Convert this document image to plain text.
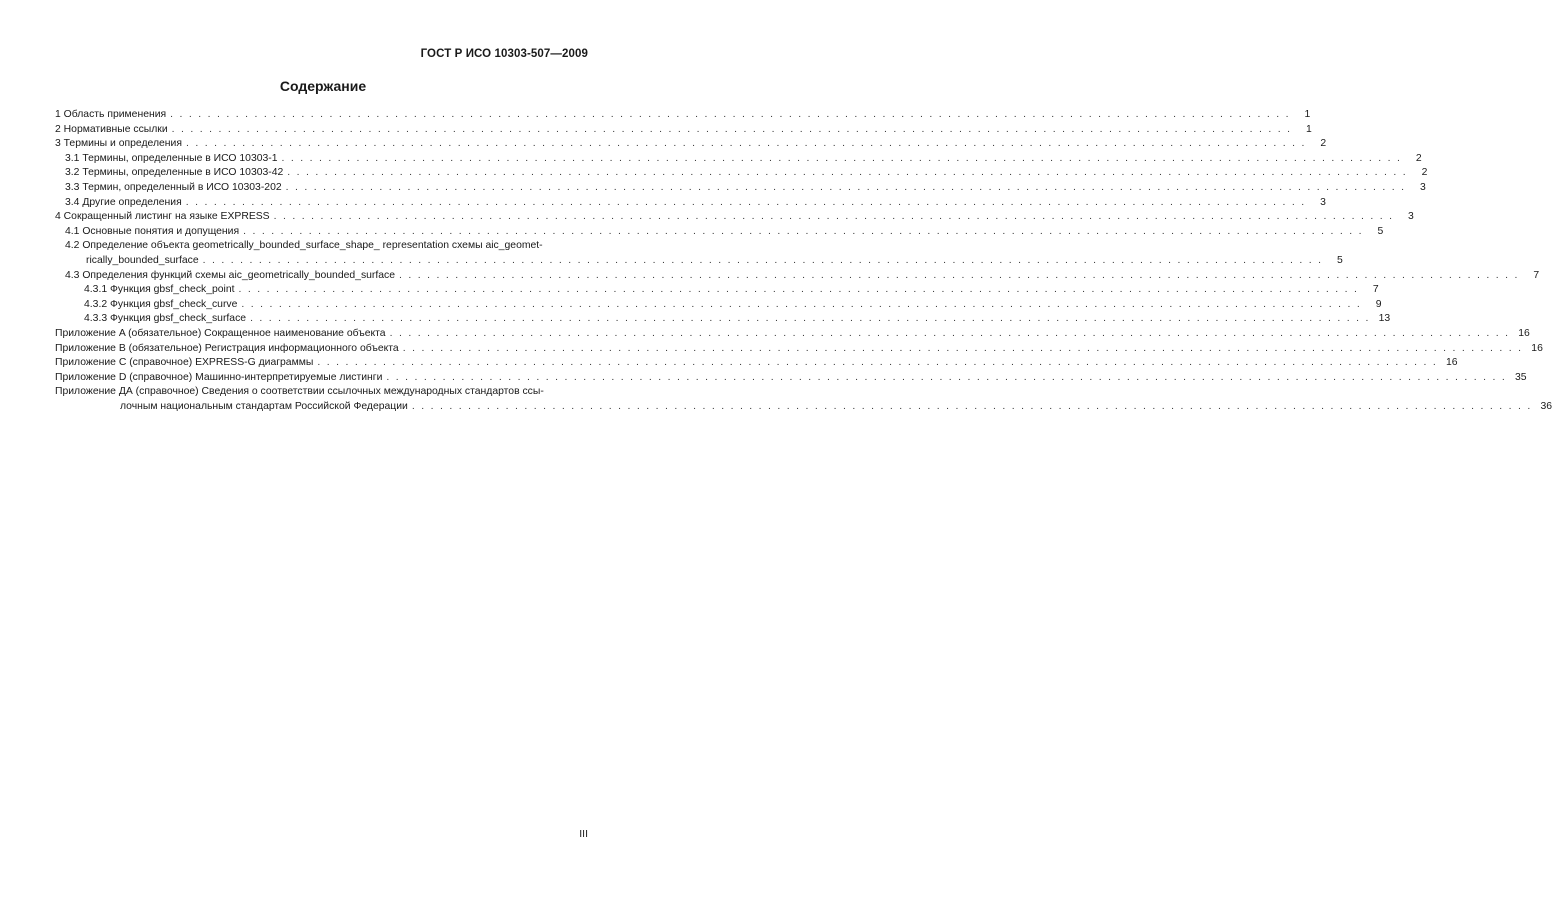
ГОСТ Р ИСО 10303-507—2009
Содержание
1 Область применения . . . . . . . . . . . . . . . . . . . . . . . . . . . . . . . . . . . . . . . . . . . . . . . . . . . . . . . . . . . . . . . . . . . . . . . . . . . . . . . . . . . . . . . . . . . . . . . . . . . . . . . . . . . . . . . . . . . . . . . .	1
2 Нормативные ссылки . . . . . . . . . . . . . . . . . . . . . . . . . . . . . . . . . . . . . . . . . . . . . . . . . . . . . . . . . . . . . . . . . . . . . . . . . . . . . . . . . . . . . . . . . . . . . . . . . . . . . . . . . . . . . . . . . . . . . . . .	1
3 Термины и определения . . . . . . . . . . . . . . . . . . . . . . . . . . . . . . . . . . . . . . . . . . . . . . . . . . . . . . . . . . . . . . . . . . . . . . . . . . . . . . . . . . . . . . . . . . . . . . . . . . . . . . . . . . . . . . . . . . . . . . . .	2
3.1 Термины, определенные в ИСО 10303-1 . . . . . . . . . . . . . . . . . . . . . . . . . . . . . . . . . . . . . . . . . . . . . . . . . . . . . . . . . . . . . . . . . . . . . . . . . . . . . . . . . . . . . . . . . . . . . . . . . . . . . . . . . . . . . . . . . . . . . . . .	2
3.2 Термины, определенные в ИСО 10303-42 . . . . . . . . . . . . . . . . . . . . . . . . . . . . . . . . . . . . . . . . . . . . . . . . . . . . . . . . . . . . . . . . . . . . . . . . . . . . . . . . . . . . . . . . . . . . . . . . . . . . . . . . . . . . . . . . . . . . . . . .	2
3.3 Термин, определенный в ИСО 10303-202 . . . . . . . . . . . . . . . . . . . . . . . . . . . . . . . . . . . . . . . . . . . . . . . . . . . . . . . . . . . . . . . . . . . . . . . . . . . . . . . . . . . . . . . . . . . . . . . . . . . . . . . . . . . . . . . . . . . . . . . .	3
3.4 Другие определения . . . . . . . . . . . . . . . . . . . . . . . . . . . . . . . . . . . . . . . . . . . . . . . . . . . . . . . . . . . . . . . . . . . . . . . . . . . . . . . . . . . . . . . . . . . . . . . . . . . . . . . . . . . . . . . . . . . . . . . .	3
4 Сокращенный листинг на языке EXPRESS . . . . . . . . . . . . . . . . . . . . . . . . . . . . . . . . . . . . . . . . . . . . . . . . . . . . . . . . . . . . . . . . . . . . . . . . . . . . . . . . . . . . . . . . . . . . . . . . . . . . . . . . . . . . . . . . . . . . . . . .	3
4.1 Основные понятия и допущения . . . . . . . . . . . . . . . . . . . . . . . . . . . . . . . . . . . . . . . . . . . . . . . . . . . . . . . . . . . . . . . . . . . . . . . . . . . . . . . . . . . . . . . . . . . . . . . . . . . . . . . . . . . . . . . . . . . . . . . .	5
4.2 Определение объекта geometrically_bounded_surface_shape_ representation схемы aic_geomet-
rically_bounded_surface . . . . . . . . . . . . . . . . . . . . . . . . . . . . . . . . . . . . . . . . . . . . . . . . . . . . . . . . . . . . . . . . . . . . . . . . . . . . . . . . . . . . . . . . . . . . . . . . . . . . . . . . . . . . . . . . . . . . . . . .	5
4.3 Определения функций схемы aic_geometrically_bounded_surface . . . . . . . . . . . . . . . . . . . . . . . . . . . . . . . . . . . . . . . . . . . . . . . . . . . . . . . . . . . . . . . . . . . . . . . . . . . . . . . . . . . . . . . . . . . . . . . . . . . . . . . . . . . . . . . . . . . . . . . .	7
4.3.1 Функция gbsf_check_point . . . . . . . . . . . . . . . . . . . . . . . . . . . . . . . . . . . . . . . . . . . . . . . . . . . . . . . . . . . . . . . . . . . . . . . . . . . . . . . . . . . . . . . . . . . . . . . . . . . . . . . . . . . . . . . . . . . . . . . .	7
4.3.2 Функция gbsf_check_curve . . . . . . . . . . . . . . . . . . . . . . . . . . . . . . . . . . . . . . . . . . . . . . . . . . . . . . . . . . . . . . . . . . . . . . . . . . . . . . . . . . . . . . . . . . . . . . . . . . . . . . . . . . . . . . . . . . . . . . . .	9
4.3.3 Функция gbsf_check_surface . . . . . . . . . . . . . . . . . . . . . . . . . . . . . . . . . . . . . . . . . . . . . . . . . . . . . . . . . . . . . . . . . . . . . . . . . . . . . . . . . . . . . . . . . . . . . . . . . . . . . . . . . . . . . . . . . . . . . . . . 13
Приложение A (обязательное) Сокращенное наименование объекта . . . . . . . . . . . . . . . . . . . . . . . . . . . . . . . . . . . . . . . . . . . . . . . . . . . . . . . . . . . . . . . . . . . . . . . . . . . . . . . . . . . . . . . . . . . . . . . . . . . . . . . . . . . . . . . . . . . . . . . . 16
Приложение B (обязательное) Регистрация информационного объекта . . . . . . . . . . . . . . . . . . . . . . . . . . . . . . . . . . . . . . . . . . . . . . . . . . . . . . . . . . . . . . . . . . . . . . . . . . . . . . . . . . . . . . . . . . . . . . . . . . . . . . . . . . . . . . . . . . . . . . . . 16
Приложение C (справочное) EXPRESS-G диаграммы . . . . . . . . . . . . . . . . . . . . . . . . . . . . . . . . . . . . . . . . . . . . . . . . . . . . . . . . . . . . . . . . . . . . . . . . . . . . . . . . . . . . . . . . . . . . . . . . . . . . . . . . . . . . . . . . . . . . . . . . 16
Приложение D (справочное) Машинно-интерпретируемые листинги . . . . . . . . . . . . . . . . . . . . . . . . . . . . . . . . . . . . . . . . . . . . . . . . . . . . . . . . . . . . . . . . . . . . . . . . . . . . . . . . . . . . . . . . . . . . . . . . . . . . . . . . . . . . . . . . . . . . . . . . 35
Приложение ДА (справочное) Сведения о соответствии ссылочных международных стандартов ссы-
лочным национальным стандартам Российской Федерации . . . . . . . . . . . . . . . . . . . . . . . . . . . . . . . . . . . . . . . . . . . . . . . . . . . . . . . . . . . . . . . . . . . . . . . . . . . . . . . . . . . . . . . . . . . . . . . . . . . . . . . . . . . . . . . . . . . . . . . . 36
III
